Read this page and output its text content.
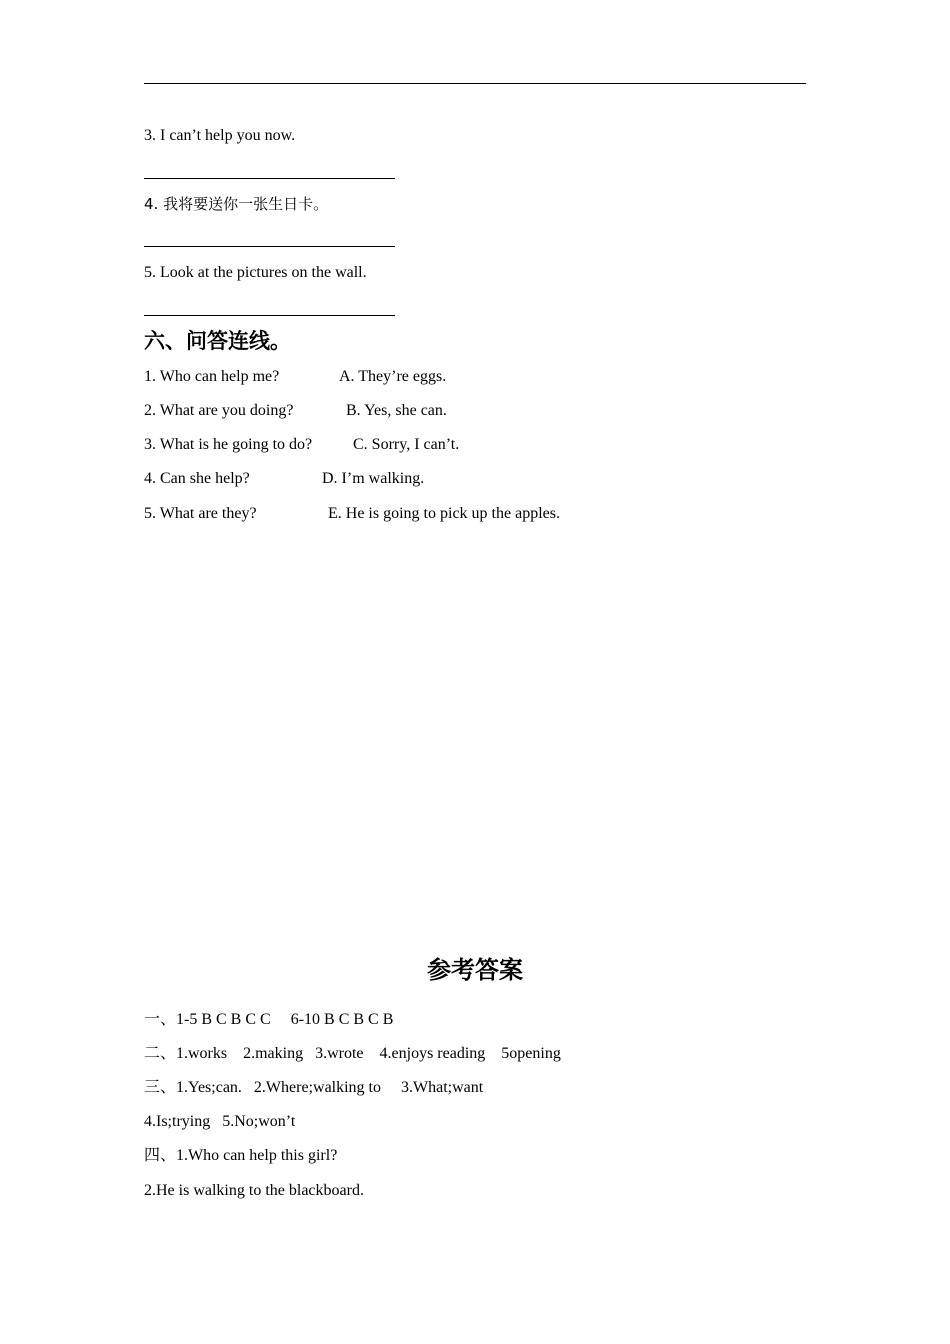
3. I can’t help you now.
4. 我将要送你一张生日卡。
5. Look at the pictures on the wall.
六、问答连线。
1. Who can help me?	A. They’re eggs.
2. What are you doing?	B. Yes, she can.
3. What is he going to do?	C. Sorry, I can’t.
4. Can she help?	D. I’m walking.
5. What are they?	E. He is going to pick up the apples.
参考答案
一、1-5 B C B C C     6-10 B C B C B
二、1.works    2.making   3.wrote    4.enjoys reading    5opening
三、1.Yes;can.   2.Where;walking to     3.What;want
4.Is;trying   5.No;won’t
四、1.Who can help this girl?
2.He is walking to the blackboard.
